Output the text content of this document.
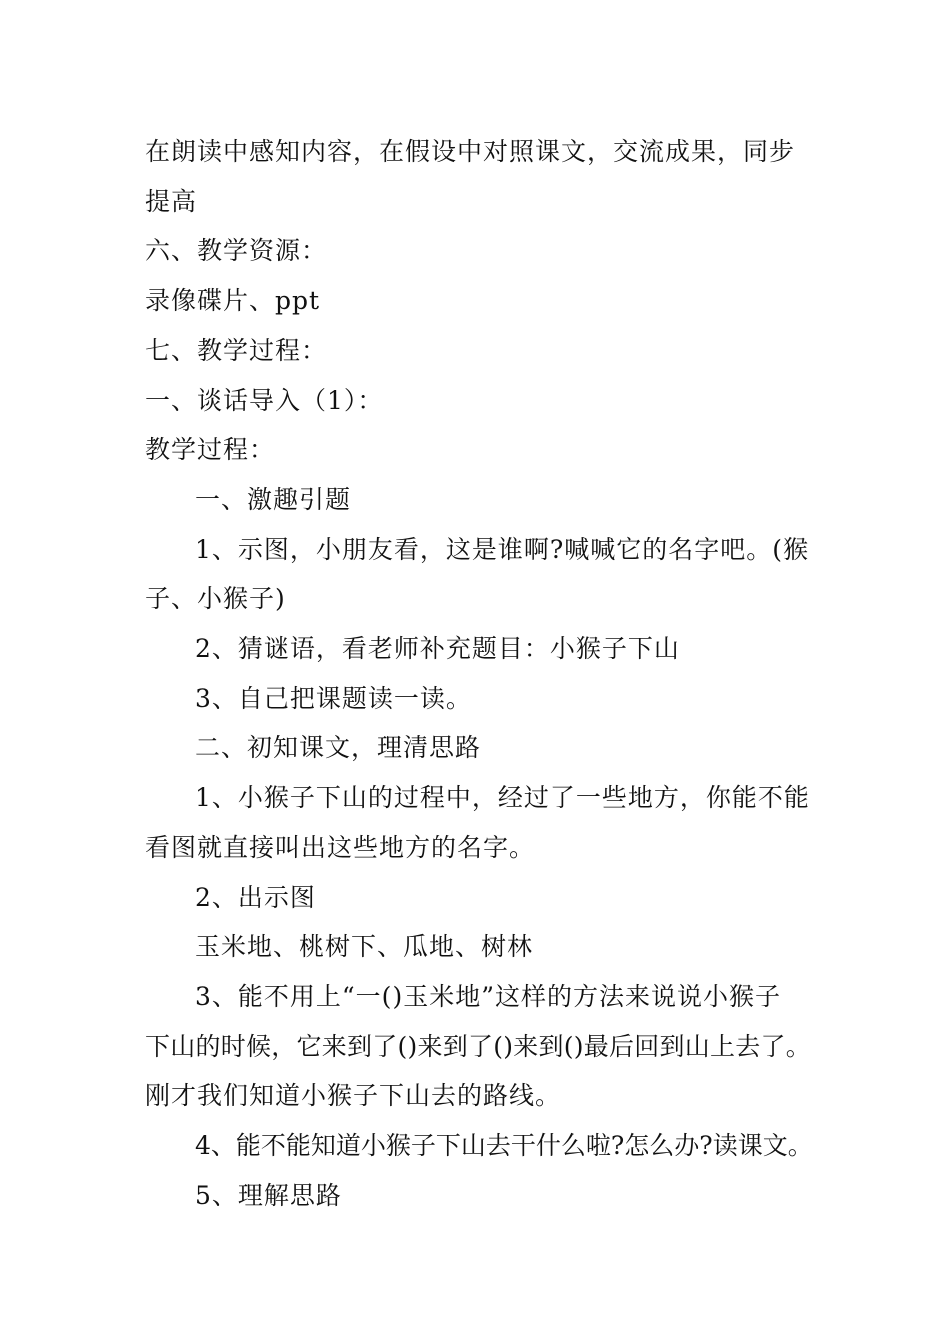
在朗读中感知内容，在假设中对照课文，交流成果，同步

提高

六、教学资源：

录像碟片、ppt

七、教学过程：

一、谈话导入（1）：

教学过程：

一、激趣引题

1、示图，小朋友看，这是谁啊?喊喊它的名字吧。(猴

子、小猴子)

2、猜谜语，看老师补充题目：小猴子下山

3、自己把课题读一读。

二、初知课文，理清思路

1、小猴子下山的过程中，经过了一些地方，你能不能

看图就直接叫出这些地方的名字。

2、出示图

玉米地、桃树下、瓜地、树林

3、能不用上“一()玉米地”这样的方法来说说小猴子

下山的时候，它来到了()来到了()来到()最后回到山上去了。

刚才我们知道小猴子下山去的路线。

4、能不能知道小猴子下山去干什么啦?怎么办?读课文。

5、理解思路
